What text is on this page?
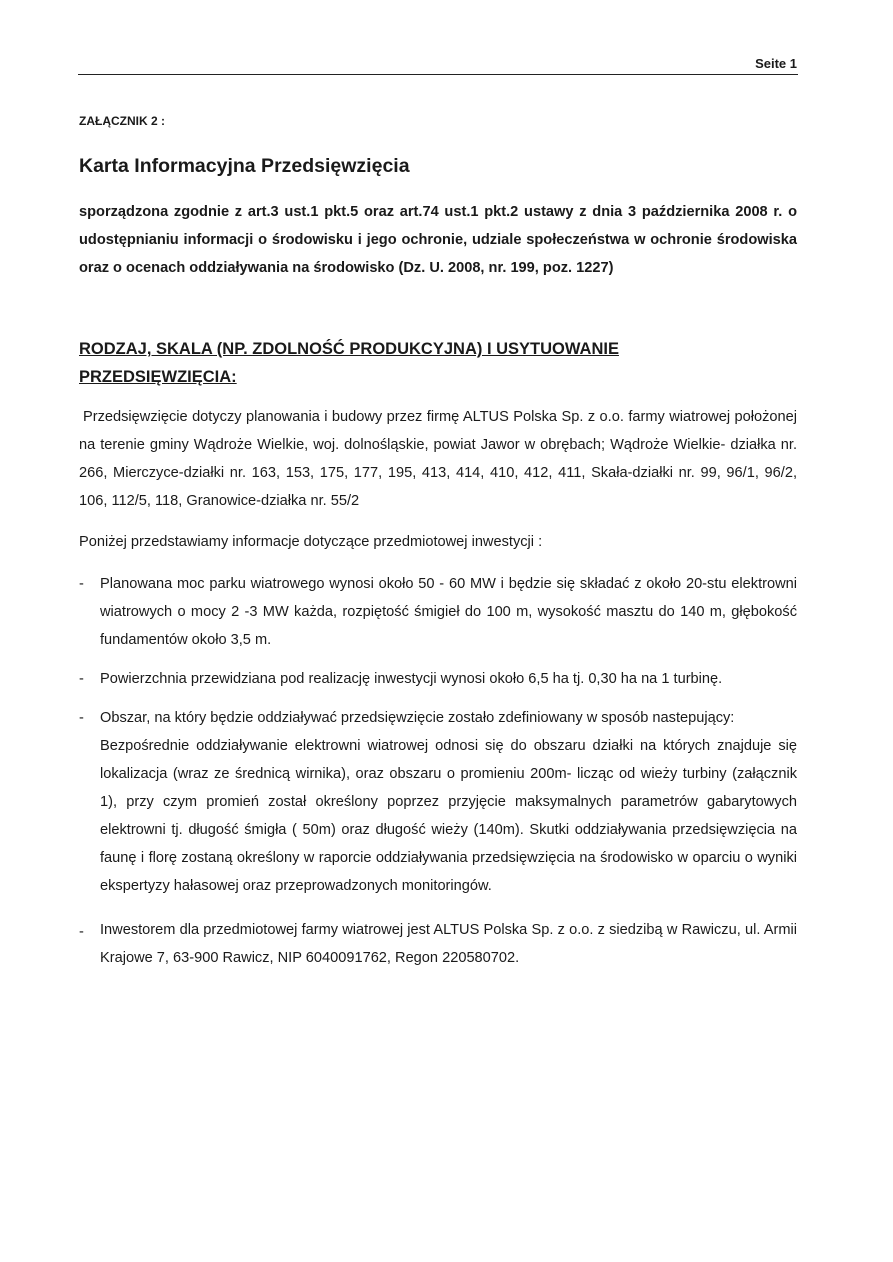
Seite 1

ZAŁĄCZNIK 2 :

Karta Informacyjna Przedsięwzięcia

sporządzona zgodnie z art.3 ust.1 pkt.5 oraz art.74 ust.1 pkt.2 ustawy z dnia 3 października 2008 r. o udostępnianiu informacji o środowisku i jego ochronie, udziale społeczeństwa w ochronie środowiska oraz o ocenach oddziaływania na środowisko (Dz. U. 2008, nr. 199, poz. 1227)

RODZAJ, SKALA (NP. ZDOLNOŚĆ PRODUKCYJNA) I USYTUOWANIE PRZEDSIĘWZIĘCIA:

Przedsięwzięcie dotyczy planowania i budowy przez firmę ALTUS Polska Sp. z o.o. farmy wiatrowej położonej na terenie gminy Wądroże Wielkie, woj. dolnośląskie, powiat Jawor w obrębach; Wądroże Wielkie- działka nr. 266, Mierczyce-działki nr. 163, 153, 175, 177, 195, 413, 414, 410, 412, 411, Skała-działki nr. 99, 96/1, 96/2, 106, 112/5, 118, Granowice-działka nr. 55/2

Poniżej przedstawiamy informacje dotyczące przedmiotowej inwestycji :

- Planowana moc parku wiatrowego wynosi około 50 - 60 MW i będzie się składać z około 20-stu elektrowni wiatrowych o mocy 2 -3 MW każda, rozpiętość śmigieł do 100 m, wysokość masztu do 140 m, głębokość fundamentów około 3,5 m.

- Powierzchnia przewidziana pod realizację inwestycji wynosi około 6,5 ha tj. 0,30 ha na 1 turbinę.

- Obszar, na który będzie oddziaływać przedsięwzięcie zostało zdefiniowany w sposób nastepujący:

Bezpośrednie oddziaływanie elektrowni wiatrowej odnosi się do obszaru działki na których znajduje się lokalizacja (wraz ze średnicą wirnika), oraz obszaru o promieniu 200m- licząc od wieży turbiny (załącznik 1), przy czym promień został określony poprzez przyjęcie maksymalnych parametrów gabarytowych elektrowni tj. długość śmigła ( 50m) oraz długość wieży (140m). Skutki oddziaływania przedsięwzięcia na faunę i florę zostaną określony w raporcie oddziaływania przedsięwzięcia na środowisko w oparciu o wyniki ekspertyzy hałasowej oraz przeprowadzonych monitoringów.

- Inwestorem dla przedmiotowej farmy wiatrowej jest ALTUS Polska Sp. z o.o. z siedzibą w Rawiczu, ul. Armii Krajowe 7, 63-900 Rawicz, NIP 6040091762, Regon 220580702.
